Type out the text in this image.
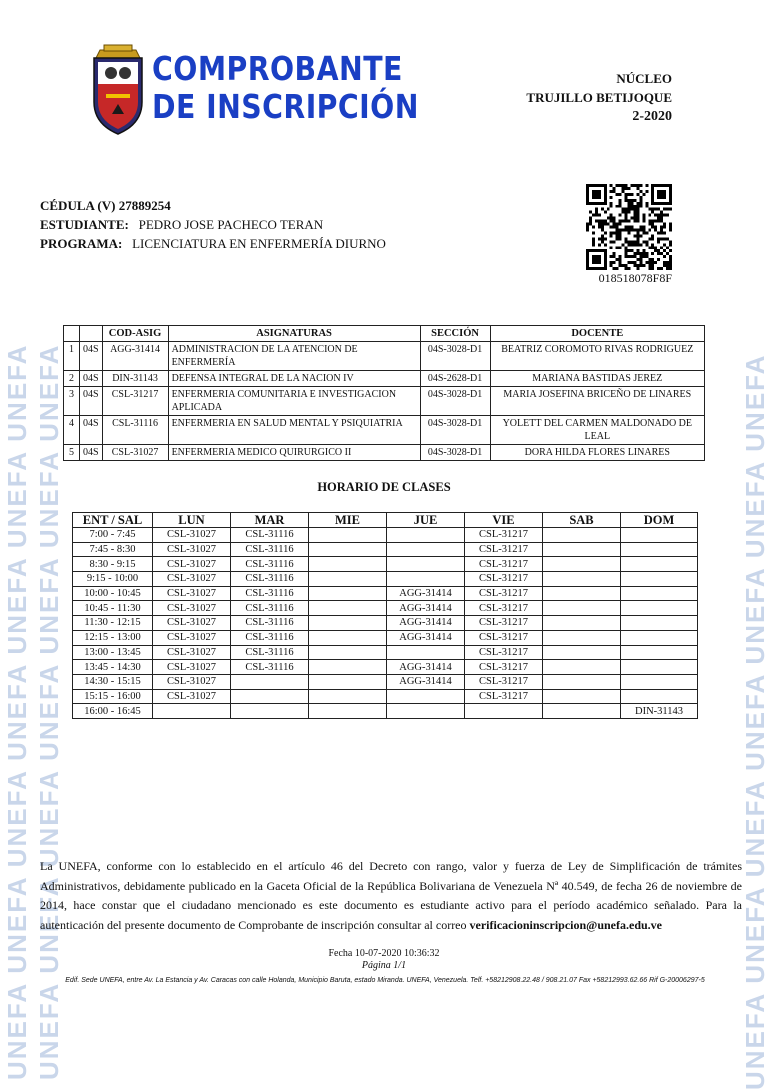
UNEFA UNEFA UNEFA UNEFA UNEFA UNEFA UNEFA UNEFA UNEFA UNEFA UNEFA UNEFA UNEFA UNEFA	UNEFA UNEFA UNEFA UNEFA UNEFA UNEFA UNEFA
COMPROBANTE
DE INSCRIPCIÓN
NÚCLEO
TRUJILLO BETIJOQUE
2-2020
CÉDULA (V) 27889254
ESTUDIANTE: PEDRO JOSE PACHECO TERAN
PROGRAMA: LICENCIATURA EN ENFERMERÍA DIURNO
018518078F8F
		COD-ASIG	ASIGNATURAS	SECCIÓN	DOCENTE
1	04S	AGG-31414	ADMINISTRACION DE LA ATENCION DE ENFERMERÍA	04S-3028-D1	BEATRIZ COROMOTO RIVAS RODRIGUEZ
2	04S	DIN-31143	DEFENSA INTEGRAL DE LA NACION IV	04S-2628-D1	MARIANA BASTIDAS JEREZ
3	04S	CSL-31217	ENFERMERIA COMUNITARIA E INVESTIGACION APLICADA	04S-3028-D1	MARIA JOSEFINA BRICEÑO DE LINARES
4	04S	CSL-31116	ENFERMERIA EN SALUD MENTAL Y PSIQUIATRIA	04S-3028-D1	YOLETT DEL CARMEN MALDONADO DE LEAL
5	04S	CSL-31027	ENFERMERIA MEDICO QUIRURGICO II	04S-3028-D1	DORA HILDA FLORES LINARES
HORARIO DE CLASES
ENT / SAL	LUN	MAR	MIE	JUE	VIE	SAB	DOM
7:00 - 7:45	CSL-31027	CSL-31116			CSL-31217		
7:45 - 8:30	CSL-31027	CSL-31116			CSL-31217		
8:30 - 9:15	CSL-31027	CSL-31116			CSL-31217		
9:15 - 10:00	CSL-31027	CSL-31116			CSL-31217		
10:00 - 10:45	CSL-31027	CSL-31116		AGG-31414	CSL-31217		
10:45 - 11:30	CSL-31027	CSL-31116		AGG-31414	CSL-31217		
11:30 - 12:15	CSL-31027	CSL-31116		AGG-31414	CSL-31217		
12:15 - 13:00	CSL-31027	CSL-31116		AGG-31414	CSL-31217		
13:00 - 13:45	CSL-31027	CSL-31116			CSL-31217		
13:45 - 14:30	CSL-31027	CSL-31116		AGG-31414	CSL-31217		
14:30 - 15:15	CSL-31027			AGG-31414	CSL-31217		
15:15 - 16:00	CSL-31027				CSL-31217		
16:00 - 16:45							DIN-31143
La UNEFA, conforme con lo establecido en el artículo 46 del Decreto con rango, valor y fuerza de Ley de Simplificación de trámites Administrativos, debidamente publicado en la Gaceta Oficial de la República Bolivariana de Venezuela Nª 40.549, de fecha 26 de noviembre de 2014, hace constar que el ciudadano mencionado es este documento es estudiante activo para el período académico señalado. Para la autenticación del presente documento de Comprobante de inscripción consultar al correo verificacioninscripcion@unefa.edu.ve
Fecha 10-07-2020 10:36:32
Página 1/1
Edif. Sede UNEFA, entre Av. La Estancia y Av. Caracas con calle Holanda, Municipio Baruta, estado Miranda. UNEFA, Venezuela. Telf. +58212908.22.48 / 908.21.07 Fax +58212993.62.66 Rif G-20006297-5
